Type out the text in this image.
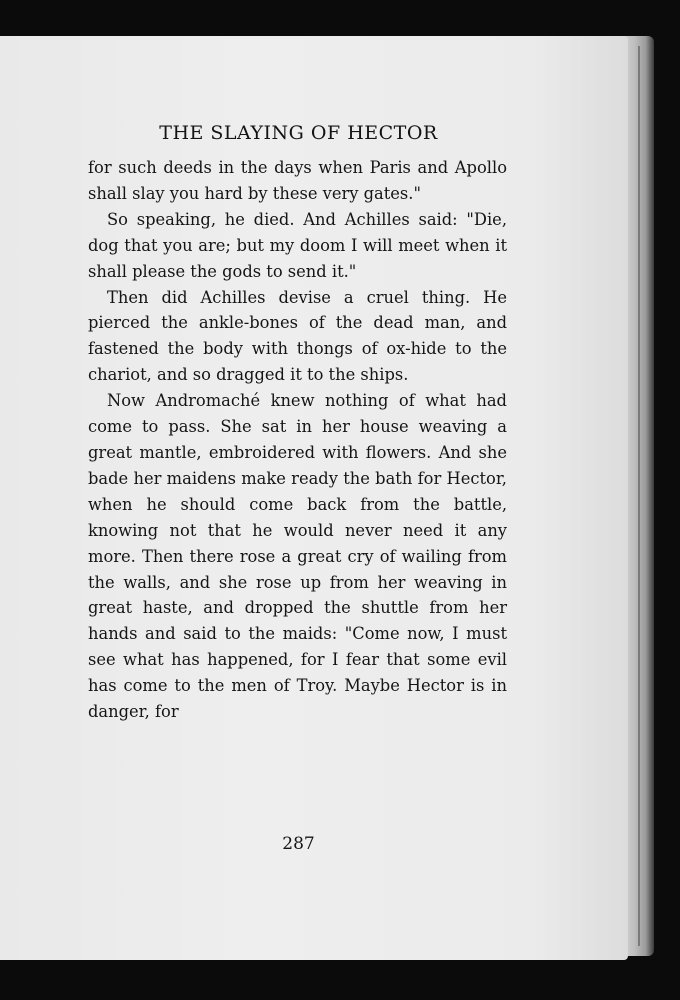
THE SLAYING OF HECTOR

for such deeds in the days when Paris and Apollo shall slay you hard by these very gates."

So speaking, he died. And Achilles said: "Die, dog that you are; but my doom I will meet when it shall please the gods to send it."

Then did Achilles devise a cruel thing. He pierced the ankle-bones of the dead man, and fastened the body with thongs of ox-hide to the chariot, and so dragged it to the ships.

Now Andromaché knew nothing of what had come to pass. She sat in her house weaving a great mantle, embroidered with flowers. And she bade her maidens make ready the bath for Hector, when he should come back from the battle, knowing not that he would never need it any more. Then there rose a great cry of wailing from the walls, and she rose up from her weaving in great haste, and dropped the shuttle from her hands and said to the maids: "Come now, I must see what has happened, for I fear that some evil has come to the men of Troy. Maybe Hector is in danger, for

287
